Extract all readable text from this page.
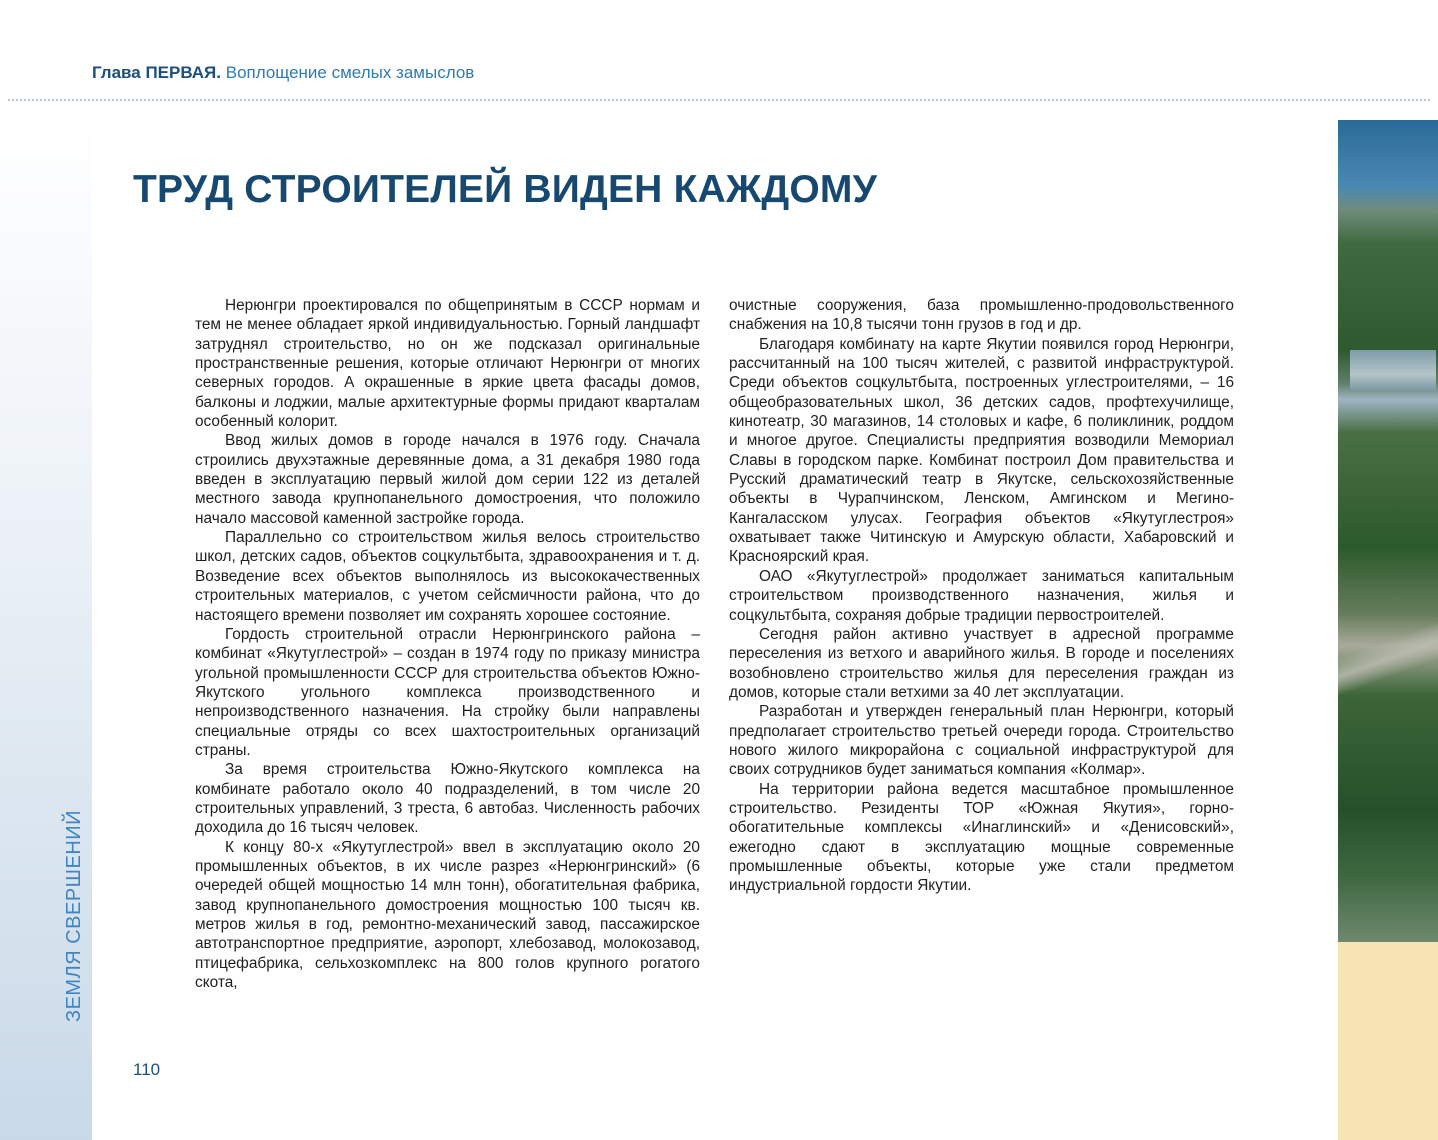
Глава ПЕРВАЯ. Воплощение смелых замыслов
ЗЕМЛЯ СВЕРШЕНИЙ
ТРУД СТРОИТЕЛЕЙ ВИДЕН КАЖДОМУ

Нерюнгри проектировался по общепринятым в СССР нормам и тем не менее обладает яркой индивидуальностью. Горный ландшафт затруднял строительство, но он же подсказал оригинальные пространственные решения, которые отличают Нерюнгри от многих северных городов. А окрашенные в яркие цвета фасады домов, балконы и лоджии, малые архитектурные формы придают кварталам особенный колорит.

Ввод жилых домов в городе начался в 1976 году. Сначала строились двухэтажные деревянные дома, а 31 декабря 1980 года введен в эксплуатацию первый жилой дом серии 122 из деталей местного завода крупнопанельного домостроения, что положило начало массовой каменной застройке города.

Параллельно со строительством жилья велось строительство школ, детских садов, объектов соцкультбыта, здравоохранения и т. д. Возведение всех объектов выполнялось из высококачественных строительных материалов, с учетом сейсмичности района, что до настоящего времени позволяет им сохранять хорошее состояние.

Гордость строительной отрасли Нерюнгринского района – комбинат «Якутуглестрой» – создан в 1974 году по приказу министра угольной промышленности СССР для строительства объектов Южно-Якутского угольного комплекса производственного и непроизводственного назначения. На стройку были направлены специальные отряды со всех шахтостроительных организаций страны.

За время строительства Южно-Якутского комплекса на комбинате работало около 40 подразделений, в том числе 20 строительных управлений, 3 треста, 6 автобаз. Численность рабочих доходила до 16 тысяч человек.

К концу 80-х «Якутуглестрой» ввел в эксплуатацию около 20 промышленных объектов, в их числе разрез «Нерюнгринский» (6 очередей общей мощностью 14 млн тонн), обогатительная фабрика, завод крупнопанельного домостроения мощностью 100 тысяч кв. метров жилья в год, ремонтно-механический завод, пассажирское автотранспортное предприятие, аэропорт, хлебозавод, молокозавод, птицефабрика, сельхозкомплекс на 800 голов крупного рогатого скота,

очистные сооружения, база промышленно-продовольственного снабжения на 10,8 тысячи тонн грузов в год и др.

Благодаря комбинату на карте Якутии появился город Нерюнгри, рассчитанный на 100 тысяч жителей, с развитой инфраструктурой. Среди объектов соцкультбыта, построенных углестроителями, – 16 общеобразовательных школ, 36 детских садов, профтехучилище, кинотеатр, 30 магазинов, 14 столовых и кафе, 6 поликлиник, роддом и многое другое. Специалисты предприятия возводили Мемориал Славы в городском парке. Комбинат построил Дом правительства и Русский драматический театр в Якутске, сельскохозяйственные объекты в Чурапчинском, Ленском, Амгинском и Мегино-Кангаласском улусах. География объектов «Якутуглестроя» охватывает также Читинскую и Амурскую области, Хабаровский и Красноярский края.

ОАО «Якутуглестрой» продолжает заниматься капитальным строительством производственного назначения, жилья и соцкультбыта, сохраняя добрые традиции первостроителей.

Сегодня район активно участвует в адресной программе переселения из ветхого и аварийного жилья. В городе и поселениях возобновлено строительство жилья для переселения граждан из домов, которые стали ветхими за 40 лет эксплуатации.

Разработан и утвержден генеральный план Нерюнгри, который предполагает строительство третьей очереди города. Строительство нового жилого микрорайона с социальной инфраструктурой для своих сотрудников будет заниматься компания «Колмар».

На территории района ведется масштабное промышленное строительство. Резиденты ТОР «Южная Якутия», горно-обогатительные комплексы «Инаглинский» и «Денисовский», ежегодно сдают в эксплуатацию мощные современные промышленные объекты, которые уже стали предметом индустриальной гордости Якутии.

110
